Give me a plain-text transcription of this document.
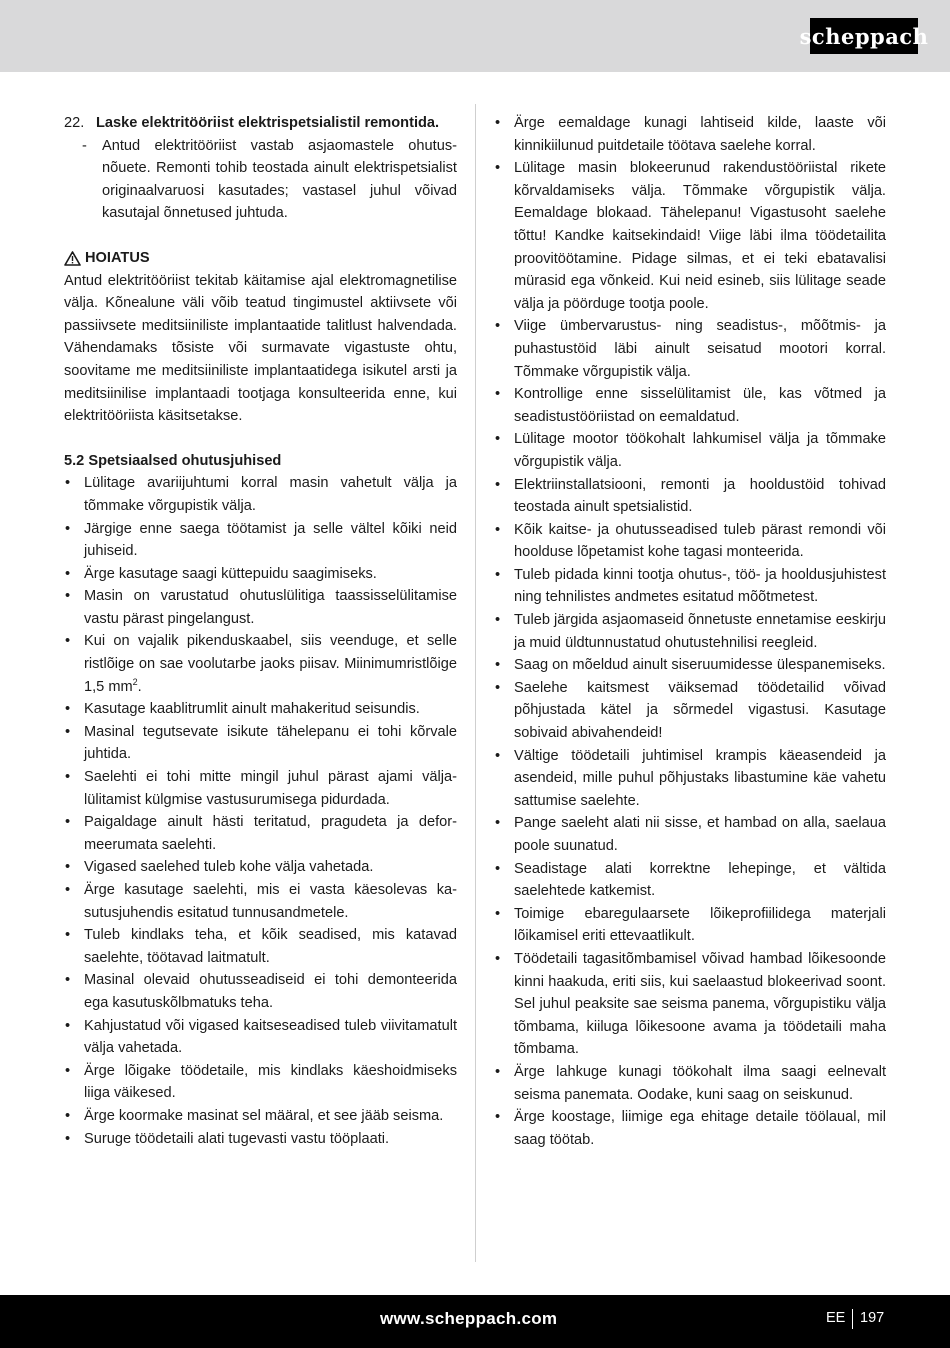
scheppach
22. Laske elektritööriist elektrispetsialistil remontida.
-	Antud elektritööriist vastab asjaomastele ohutusnõuete. Remonti tohib teostada ainult elektrispetsialist originaalvaruosi kasutades; vastasel juhul võivad kasutajal õnnetused juhtuda.
HOIATUS

Antud elektritööriist tekitab käitamise ajal elektromagnetilise välja. Kõnealune väli võib teatud tingimustel aktiivsete või passiivsete meditsiiniliste implantaatide talitlust halvendada. Vähendamaks tõsiste või surmavate vigastuste ohtu, soovitame me meditsiiniliste implantaatidega isikutel arsti ja meditsiinilise implantaadi tootjaga konsulteerida enne, kui elektritööriista käsitsetakse.

5.2 Spetsiaalsed ohutusjuhised
• Lülitage avariijuhtumi korral masin vahetult välja ja tõmmake võrgupistik välja.
• Järgige enne saega töötamist ja selle vältel kõiki neid juhiseid.
• Ärge kasutage saagi küttepuidu saagimiseks.
• Masin on varustatud ohutuslülitiga taassisselülitamise vastu pärast pingelangust.
• Kui on vajalik pikenduskaabel, siis veenduge, et selle ristlõige on sae voolutarbe jaoks piisav. Miinimumristlõige 1,5 $mm^2$.
• Kasutage kaablitrumlit ainult mahakeritud seisundis.
• Masinal tegutsevate isikute tähelepanu ei tohi kõrvale juhtida.
• Saelehti ei tohi mitte mingil juhul pärast ajami väljalülitamist külgmise vastusurumisega pidurdada.
• Paigaldage ainult hästi teritatud, pragudeta ja deformeerumata saelehti.
• Vigased saelehed tuleb kohe välja vahetada.
• Ärge kasutage saelehti, mis ei vasta käesolevas kasutusjuhendis esitatud tunnusandmetele.
• Tuleb kindlaks teha, et kõik seadised, mis katavad saelehte, töötavad laitmatult.
• Masinal olevaid ohutusseadiseid ei tohi demonteerida ega kasutuskõlbmatuks teha.
• Kahjustatud või vigased kaitseseadised tuleb viivitamatult välja vahetada.
• Ärge lõigake töödetaile, mis kindlaks käeshoidmiseks liiga väikesed.
• Ärge koormake masinat sel määral, et see jääb seisma.
• Suruge töödetaili alati tugevasti vastu tööplaati.
• Ärge eemaldage kunagi lahtiseid kilde, laaste või kinnikiilunud puitdetaile töötava saelehe korral.
• Lülitage masin blokeerunud rakendustööriistal rikete kõrvaldamiseks välja. Tõmmake võrgupistik välja. Eemaldage blokaad. Tähelepanu! Vigastusoht saelehe tõttu! Kandke kaitsekindaid! Viige läbi ilma töödetailita proovitöötamine. Pidage silmas, et ei teki ebatavalisi mürasid ega võnkeid. Kui neid esineb, siis lülitage seade välja ja pöörduge tootja poole.
• Viige ümbervarustus- ning seadistus-, mõõtmis- ja puhastustöid läbi ainult seisatud mootori korral. Tõmmake võrgupistik välja.
• Kontrollige enne sisselülitamist üle, kas võtmed ja seadistustööriistad on eemaldatud.
• Lülitage mootor töökohalt lahkumisel välja ja tõmmake võrgupistik välja.
• Elektriinstallatsiooni, remonti ja hooldustöid tohivad teostada ainult spetsialistid.
• Kõik kaitse- ja ohutusseadised tuleb pärast remondi või hoolduse lõpetamist kohe tagasi monteerida.
• Tuleb pidada kinni tootja ohutus-, töö- ja hooldusjuhistest ning tehnilistes andmetes esitatud mõõtmetest.
• Tuleb järgida asjaomaseid õnnetuste ennetamise eeskirju ja muid üldtunnustatud ohutustehnilisi reegleid.
• Saag on mõeldud ainult siseruumidesse ülespanemiseks.
• Saelehe kaitsmest väiksemad töödetailid võivad põhjustada kätel ja sõrmedel vigastusi. Kasutage sobivaid abivahendeid!
• Vältige töödetaili juhtimisel krampis käeasendeid ja asendeid, mille puhul põhjustaks libastumine käe vahetu sattumise saelehte.
• Pange saeleht alati nii sisse, et hambad on alla, saelaua poole suunatud.
• Seadistage alati korrektne lehepinge, et vältida saelehtede katkemist.
• Toimige ebaregulaarsete lõikeprofiilidega materjali lõikamisel eriti ettevaatlikult.
• Töödetaili tagasitõmbamisel võivad hambad lõikesoonde kinni haakuda, eriti siis, kui saelaastud blokeerivad soont. Sel juhul peaksite sae seisma panema, võrgupistiku välja tõmbama, kiiluga lõikesoone avama ja töödetaili maha tõmbama.
• Ärge lahkuge kunagi töökohalt ilma saagi eelnevalt seisma panemata. Oodake, kuni saag on seiskunud.
• Ärge koostage, liimige ega ehitage detaile töölaual, mil saag töötab.
www.scheppach.com	EE 197
